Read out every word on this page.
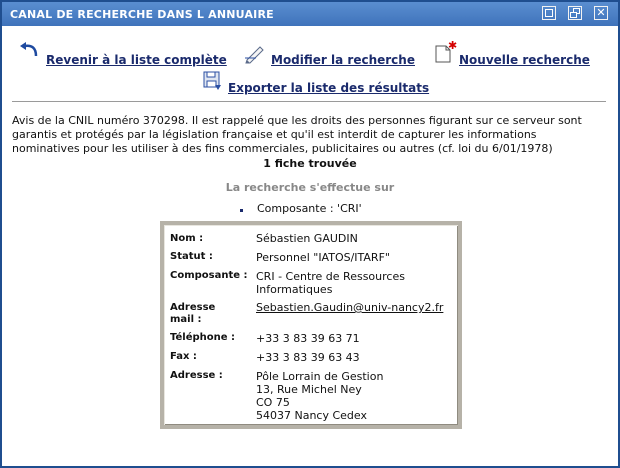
CANAL DE RECHERCHE DANS L ANNUAIRE	✕
Revenir à la liste complète	Modifier la recherche
✱
Nouvelle recherche
Exporter la liste des résultats
Avis de la CNIL numéro 370298. Il est rappelé que les droits des personnes figurant sur ce serveur sont garantis et protégés par la législation française et qu'il est interdit de capturer les informations nominatives pour les utiliser à des fins commerciales, publicitaires ou autres (cf. loi du 6/01/1978)
1 fiche trouvée
La recherche s'effectue sur
Composante : 'CRI'
Nom :	Sébastien GAUDIN
Statut :	Personnel "IATOS/ITARF"
Composante : CRI - Centre de Ressources
Informatiques
Adresse
mail :
Sebastien.Gaudin@univ-nancy2.fr
Téléphone : +33 3 83 39 63 71
Fax :	+33 3 83 39 63 43
Adresse :	Pôle Lorrain de Gestion
13, Rue Michel Ney
CO 75
54037 Nancy Cedex
